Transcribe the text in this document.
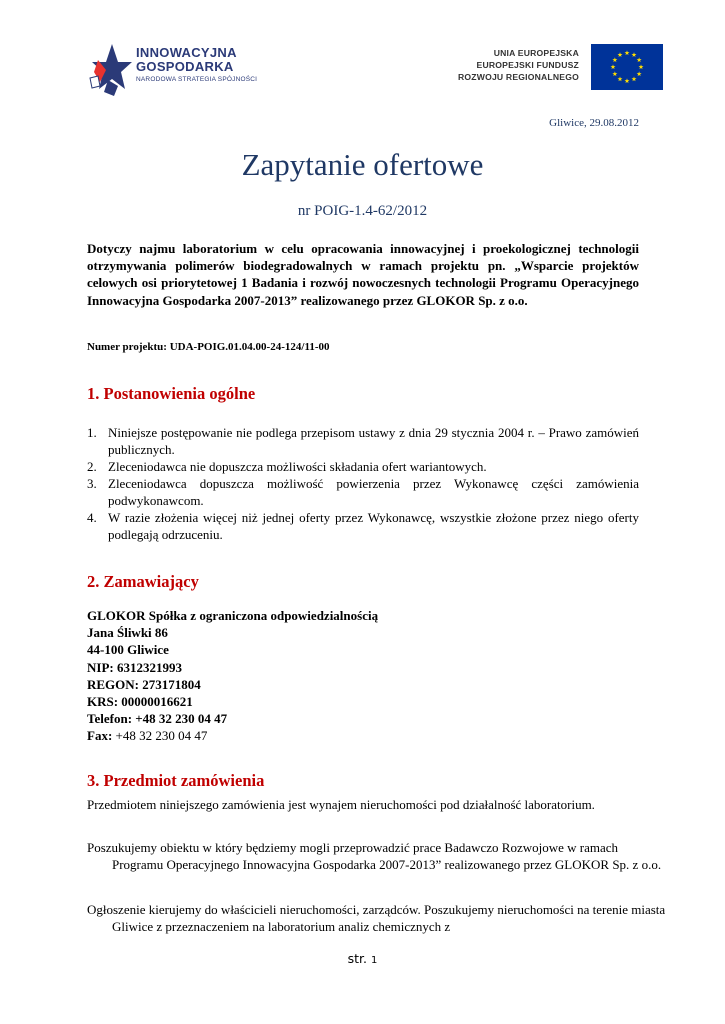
INNOWACYJNA
GOSPODARKA
NARODOWA STRATEGIA SPÓJNOŚCI
UNIA EUROPEJSKA
EUROPEJSKI FUNDUSZ
ROZWOJU REGIONALNEGO
Gliwice, 29.08.2012
Zapytanie ofertowe
nr POIG-1.4-62/2012
Dotyczy najmu laboratorium w celu opracowania innowacyjnej i proekologicznej technologii otrzymywania polimerów biodegradowalnych w ramach projektu pn. „Wsparcie projektów celowych osi priorytetowej 1 Badania i rozwój nowoczesnych technologii Programu Operacyjnego Innowacyjna Gospodarka 2007-2013” realizowanego przez GLOKOR Sp. z o.o.
Numer projektu: UDA-POIG.01.04.00-24-124/11-00
1. Postanowienia ogólne
1. Niniejsze postępowanie nie podlega przepisom ustawy z dnia 29 stycznia 2004 r. – Prawo zamówień publicznych.
2. Zleceniodawca nie dopuszcza możliwości składania ofert wariantowych.
3. Zleceniodawca dopuszcza możliwość powierzenia przez Wykonawcę części zamówienia podwykonawcom.
4. W razie złożenia więcej niż jednej oferty przez Wykonawcę, wszystkie złożone przez niego oferty podlegają odrzuceniu.
2. Zamawiający
GLOKOR Spółka z ograniczona odpowiedzialnością
Jana Śliwki 86
44-100 Gliwice
NIP: 6312321993
REGON: 273171804
KRS: 00000016621
Telefon: +48 32 230 04 47
Fax: +48 32 230 04 47
3. Przedmiot zamówienia
Przedmiotem niniejszego zamówienia jest wynajem nieruchomości pod działalność laboratorium.
Poszukujemy obiektu w który będziemy mogli przeprowadzić prace Badawczo Rozwojowe w ramach Programu Operacyjnego Innowacyjna Gospodarka 2007-2013” realizowanego przez GLOKOR Sp. z o.o.
Ogłoszenie kierujemy do właścicieli nieruchomości, zarządców. Poszukujemy nieruchomości na terenie miasta Gliwice z przeznaczeniem na laboratorium analiz chemicznych z
str. 1
